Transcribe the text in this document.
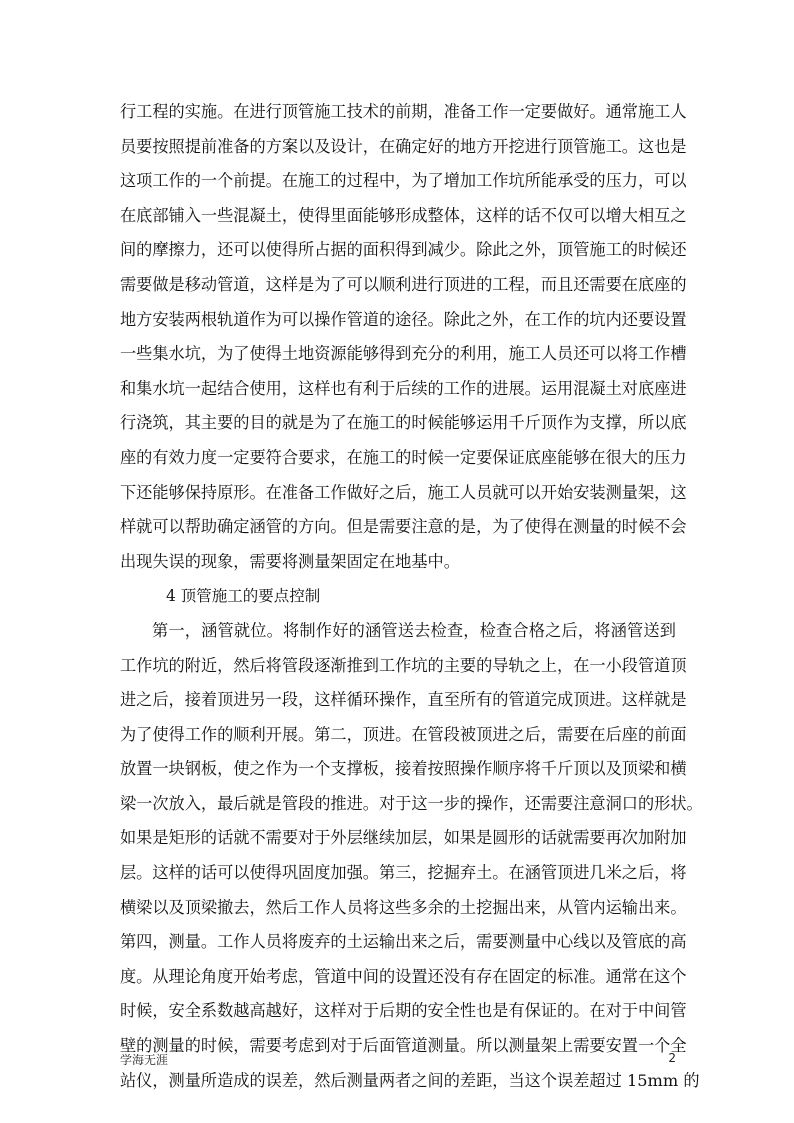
行工程的实施。在进行顶管施工技术的前期，准备工作一定要做好。通常施工人
员要按照提前准备的方案以及设计，在确定好的地方开挖进行顶管施工。这也是
这项工作的一个前提。在施工的过程中，为了增加工作坑所能承受的压力，可以
在底部铺入一些混凝土，使得里面能够形成整体，这样的话不仅可以增大相互之
间的摩擦力，还可以使得所占据的面积得到减少。除此之外，顶管施工的时候还
需要做是移动管道，这样是为了可以顺利进行顶进的工程，而且还需要在底座的
地方安装两根轨道作为可以操作管道的途径。除此之外，在工作的坑内还要设置
一些集水坑，为了使得土地资源能够得到充分的利用，施工人员还可以将工作槽
和集水坑一起结合使用，这样也有利于后续的工作的进展。运用混凝土对底座进
行浇筑，其主要的目的就是为了在施工的时候能够运用千斤顶作为支撑，所以底
座的有效力度一定要符合要求，在施工的时候一定要保证底座能够在很大的压力
下还能够保持原形。在准备工作做好之后，施工人员就可以开始安装测量架，这
样就可以帮助确定涵管的方向。但是需要注意的是，为了使得在测量的时候不会
出现失误的现象，需要将测量架固定在地基中。
4 顶管施工的要点控制
第一，涵管就位。将制作好的涵管送去检查，检查合格之后，将涵管送到
工作坑的附近，然后将管段逐渐推到工作坑的主要的导轨之上，在一小段管道顶
进之后，接着顶进另一段，这样循环操作，直至所有的管道完成顶进。这样就是
为了使得工作的顺利开展。第二，顶进。在管段被顶进之后，需要在后座的前面
放置一块钢板，使之作为一个支撑板，接着按照操作顺序将千斤顶以及顶梁和横
梁一次放入，最后就是管段的推进。对于这一步的操作，还需要注意洞口的形状。
如果是矩形的话就不需要对于外层继续加层，如果是圆形的话就需要再次加附加
层。这样的话可以使得巩固度加强。第三，挖掘弃土。在涵管顶进几米之后，将
横梁以及顶梁撤去，然后工作人员将这些多余的土挖掘出来，从管内运输出来。
第四，测量。工作人员将废弃的土运输出来之后，需要测量中心线以及管底的高
度。从理论角度开始考虑，管道中间的设置还没有存在固定的标准。通常在这个
时候，安全系数越高越好，这样对于后期的安全性也是有保证的。在对于中间管
壁的测量的时候，需要考虑到对于后面管道测量。所以测量架上需要安置一个全
站仪，测量所造成的误差，然后测量两者之间的差距，当这个误差超过 15mm 的
学海无涯	2
